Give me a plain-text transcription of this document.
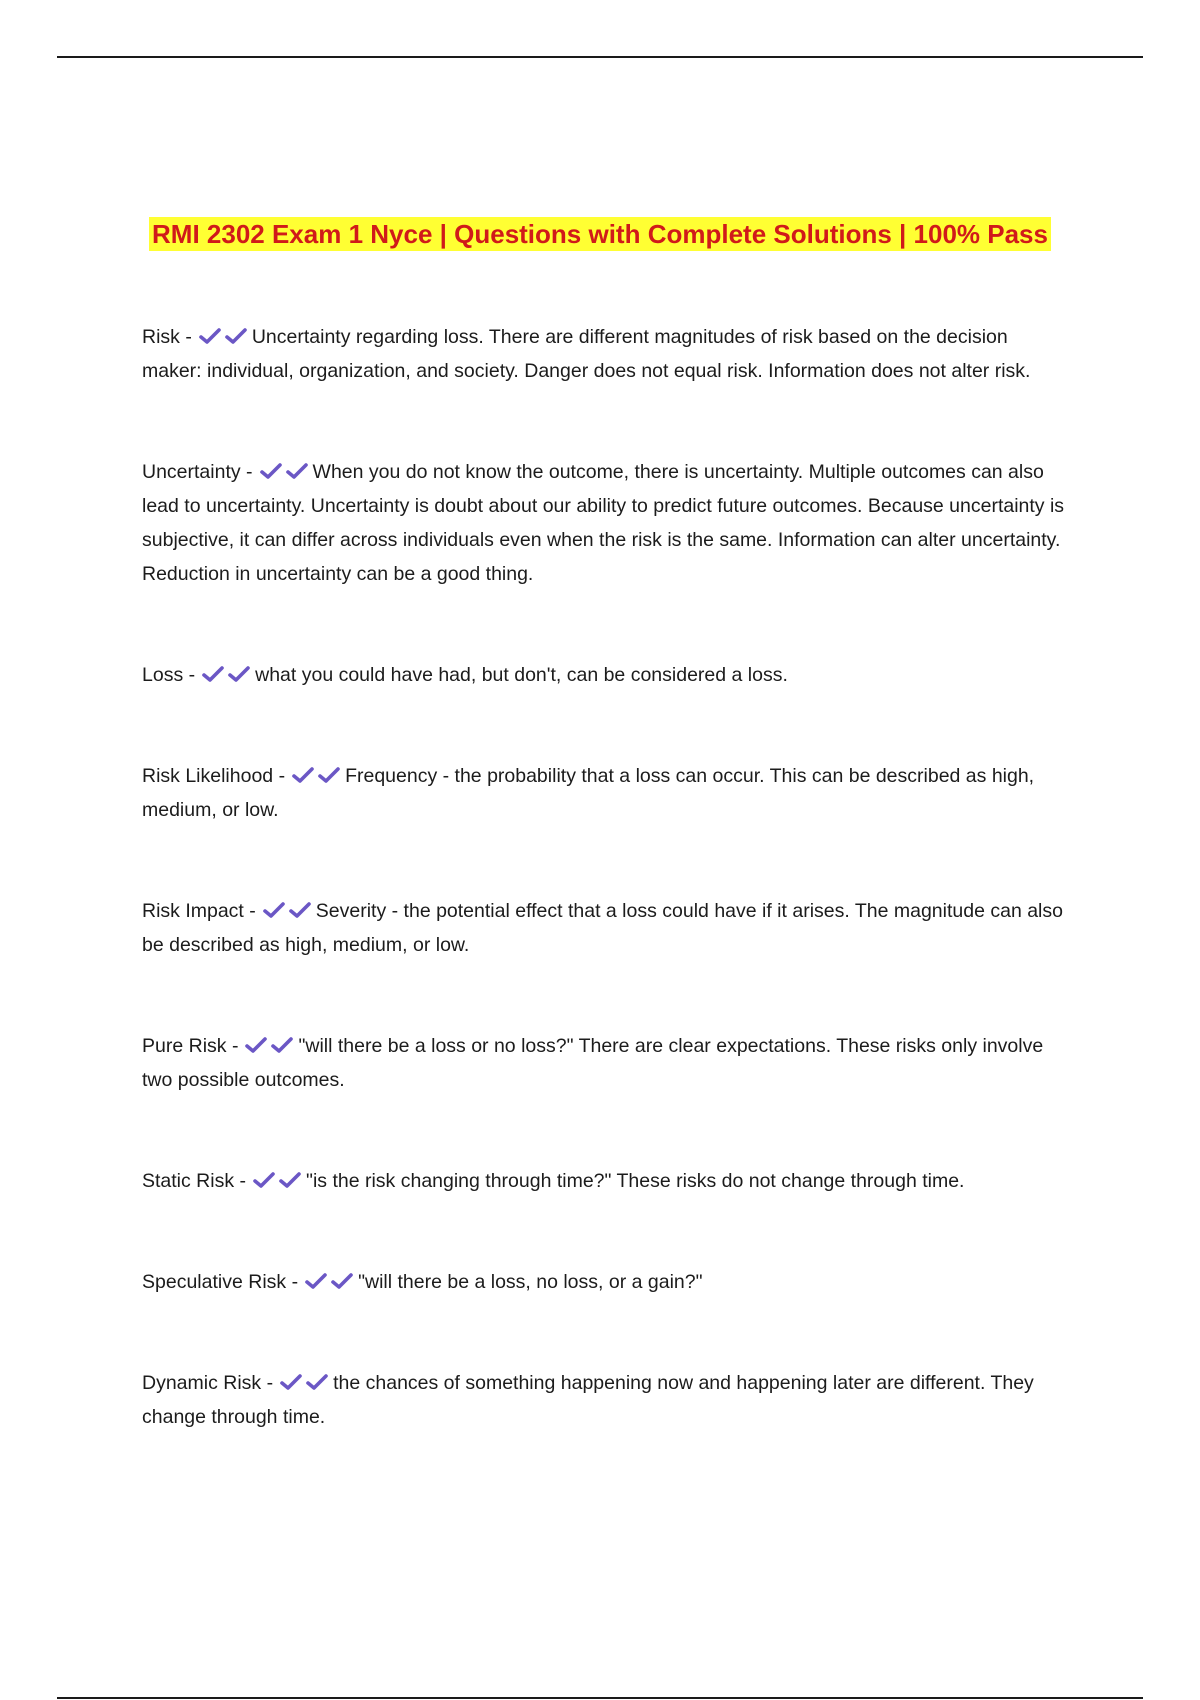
RMI 2302 Exam 1 Nyce | Questions with Complete Solutions | 100% Pass

Risk -	Uncertainty regarding loss. There are different magnitudes of risk based on the decision maker: individual, organization, and society. Danger does not equal risk. Information does not alter risk.

Uncertainty -	When you do not know the outcome, there is uncertainty. Multiple outcomes can also lead to uncertainty. Uncertainty is doubt about our ability to predict future outcomes. Because uncertainty is subjective, it can differ across individuals even when the risk is the same. Information can alter uncertainty. Reduction in uncertainty can be a good thing.

Loss -	what you could have had, but don't, can be considered a loss.

Risk Likelihood -	Frequency - the probability that a loss can occur. This can be described as high, medium, or low.

Risk Impact -	Severity - the potential effect that a loss could have if it arises. The magnitude can also be described as high, medium, or low.

Pure Risk -	"will there be a loss or no loss?" There are clear expectations. These risks only involve two possible outcomes.

Static Risk -	"is the risk changing through time?" These risks do not change through time.

Speculative Risk -	"will there be a loss, no loss, or a gain?"

Dynamic Risk -	the chances of something happening now and happening later are different. They change through time.
